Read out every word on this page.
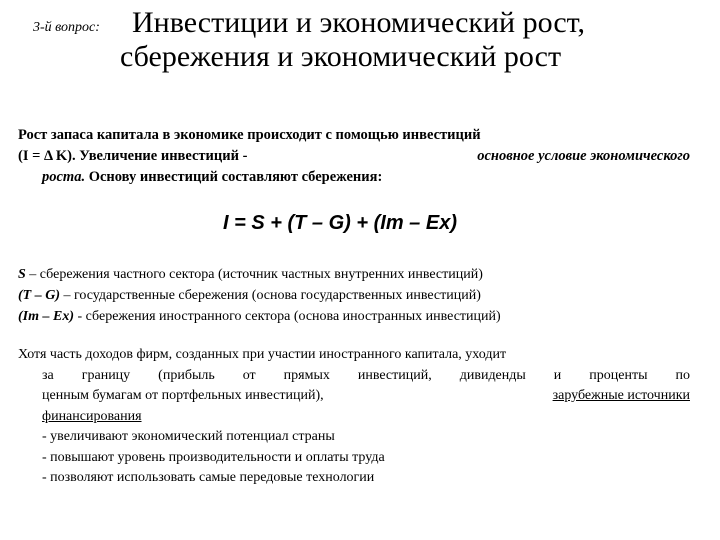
3-й вопрос: Инвестиции и экономический рост,
сбережения и экономический рост
Рост запаса капитала в экономике происходит с помощью инвестиций
(I = Δ K). Увеличение инвестиций -	основное условие экономического
роста. Основу инвестиций составляют сбережения:
I = S + (T – G) + (Im – Ex)
S – сбережения частного сектора (источник частных внутренних инвестиций)
(T – G) – государственные сбережения (основа государственных инвестиций)
(Im – Ex) - сбережения иностранного сектора (основа иностранных инвестиций)
Хотя часть доходов фирм, созданных при участии иностранного капитала, уходит
за границу (прибыль от прямых инвестиций, дивиденды и проценты по
ценным бумагам от портфельных инвестиций),	зарубежные источники
финансирования
- увеличивают экономический потенциал страны
- повышают уровень производительности и оплаты труда
- позволяют использовать самые передовые технологии
